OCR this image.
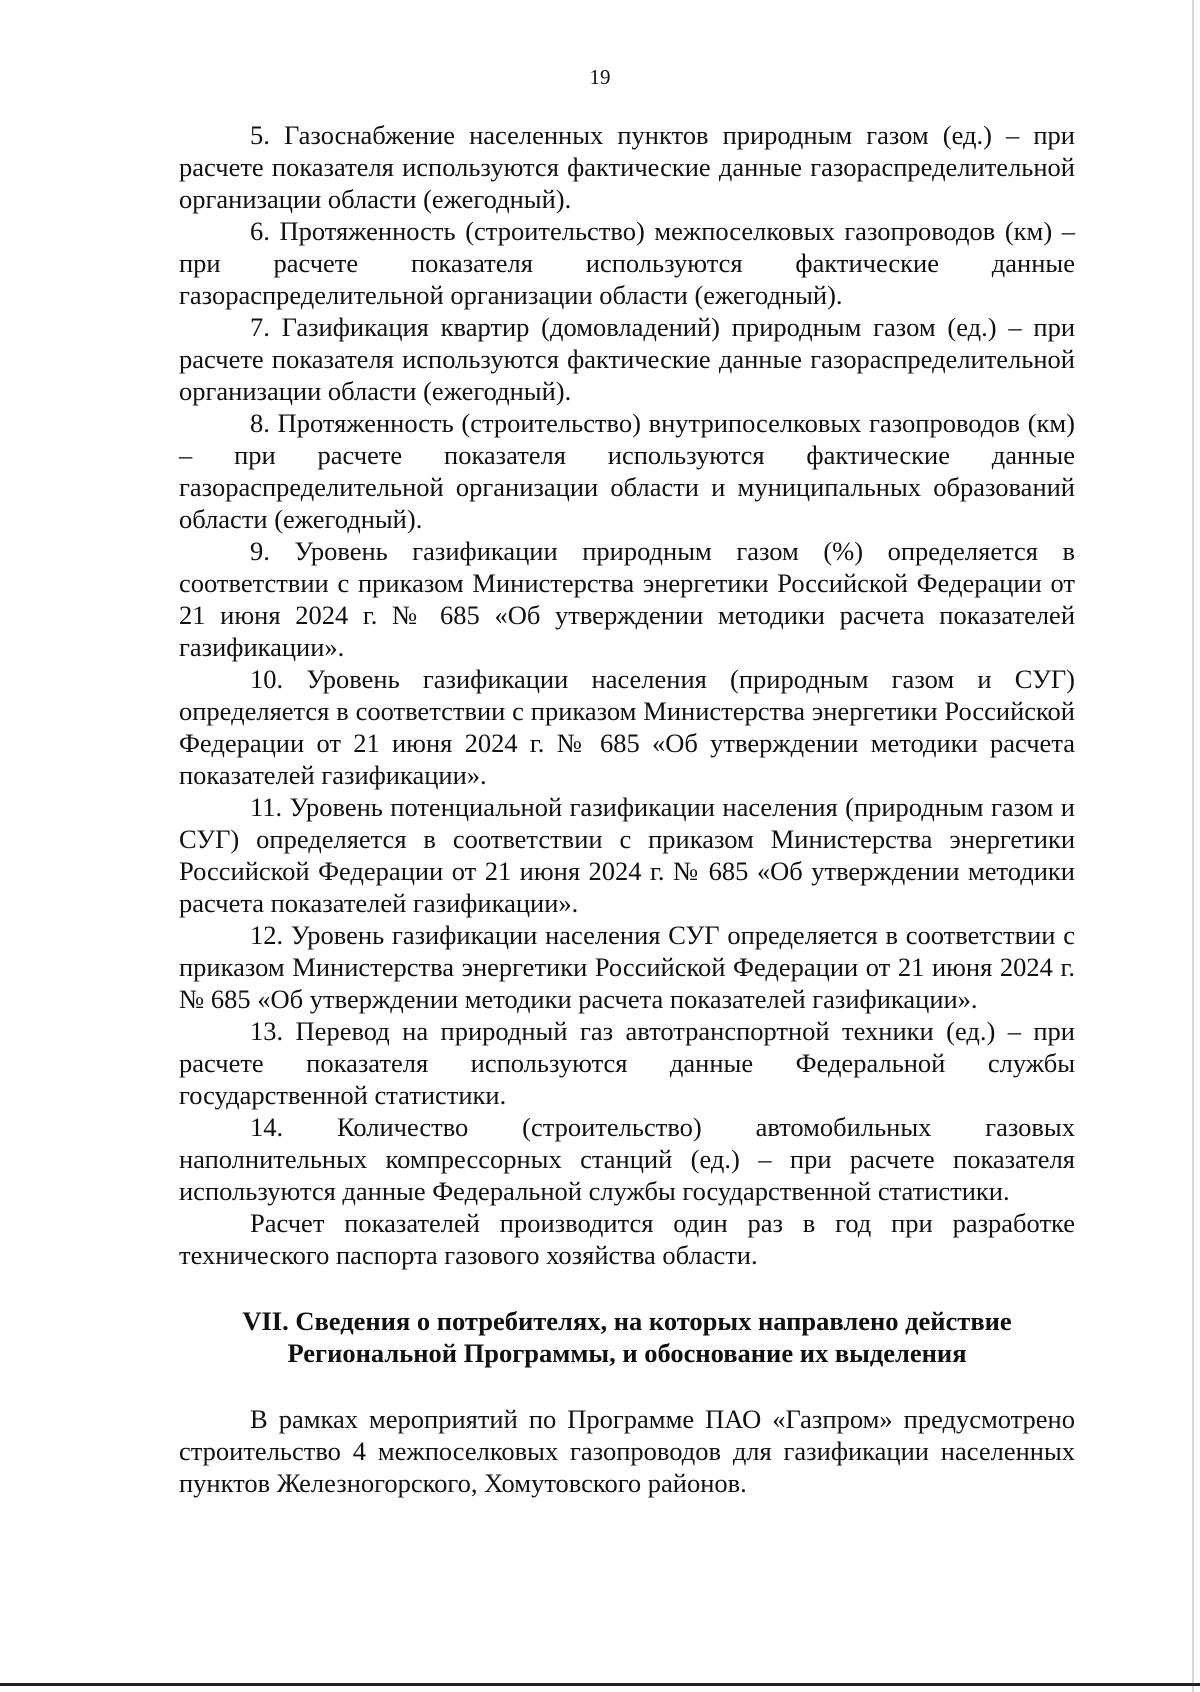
19

5. Газоснабжение населенных пунктов природным газом (ед.) – при расчете показателя используются фактические данные газораспределительной организации области (ежегодный).

6. Протяженность (строительство) межпоселковых газопроводов (км) – при расчете показателя используются фактические данные газораспределительной организации области (ежегодный).

7. Газификация квартир (домовладений) природным газом (ед.) – при расчете показателя используются фактические данные газораспределительной организации области (ежегодный).

8. Протяженность (строительство) внутрипоселковых газопроводов (км) – при расчете показателя используются фактические данные газораспределительной организации области и муниципальных образований области (ежегодный).

9. Уровень газификации природным газом (%) определяется в соответствии с приказом Министерства энергетики Российской Федерации от 21 июня 2024 г. № 685 «Об утверждении методики расчета показателей газификации».

10. Уровень газификации населения (природным газом и СУГ) определяется в соответствии с приказом Министерства энергетики Российской Федерации от 21 июня 2024 г. № 685 «Об утверждении методики расчета показателей газификации».

11. Уровень потенциальной газификации населения (природным газом и СУГ) определяется в соответствии с приказом Министерства энергетики Российской Федерации от 21 июня 2024 г. № 685 «Об утверждении методики расчета показателей газификации».

12. Уровень газификации населения СУГ определяется в соответствии с приказом Министерства энергетики Российской Федерации от 21 июня 2024 г. № 685 «Об утверждении методики расчета показателей газификации».

13. Перевод на природный газ автотранспортной техники (ед.) – при расчете показателя используются данные Федеральной службы государственной статистики.

14. Количество (строительство) автомобильных газовых наполнительных компрессорных станций (ед.) – при расчете показателя используются данные Федеральной службы государственной статистики.

Расчет показателей производится один раз в год при разработке технического паспорта газового хозяйства области.

VII. Сведения о потребителях, на которых направлено действие
Региональной Программы, и обоснование их выделения

В рамках мероприятий по Программе ПАО «Газпром» предусмотрено строительство 4 межпоселковых газопроводов для газификации населенных пунктов Железногорского, Хомутовского районов.
